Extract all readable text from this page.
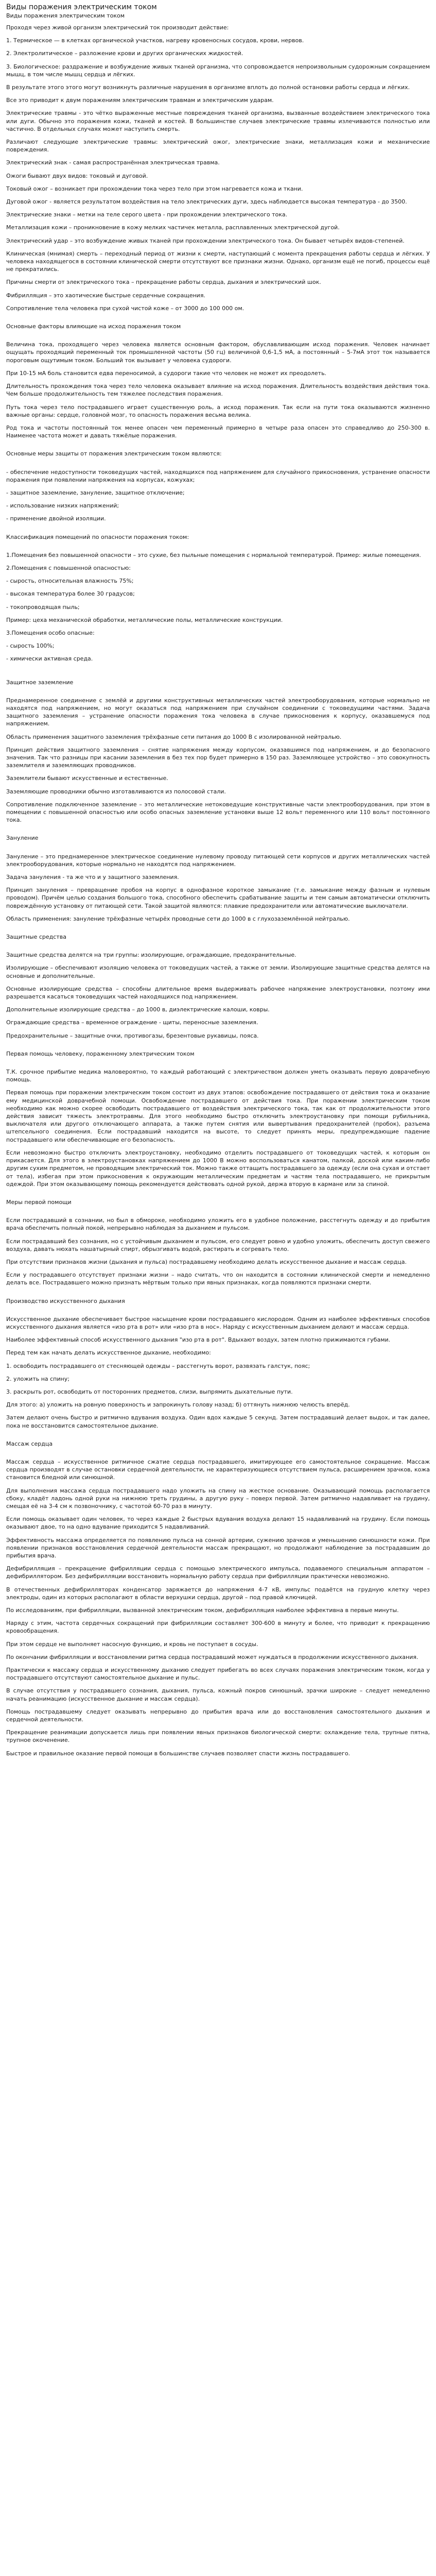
Виды поражения электрическим током
Виды поражения электрическим током

Проходя через живой организм электрический ток производит действие:

1. Термическое — в клетках органической участков, нагреву кровеносных сосудов, крови, нервов.

2. Электролитическое – разложение крови и других органических жидкостей.

3. Биологическое: раздражение и возбуждение живых тканей организма, что сопровождается непроизвольным судорожным сокращением мышц, в том числе мышц сердца и лёгких.

В результате этого этого могут возникнуть различные нарушения в организме вплоть до полной остановки работы сердца и лёгких.

Все это приводит к двум поражениям электрическим травмам и электрическим ударам.

Электрические травмы - это чётко выраженные местные повреждения тканей организма, вызванные воздействием электрического тока или дуги. Обычно это поражения кожи, тканей и костей. В большинстве случаев электрические травмы излечиваются полностью или частично. В отдельных случаях может наступить смерть.

Различают следующие электрические травмы: электрический ожог, электрические знаки, металлизация кожи и механические повреждения.

Электрический знак - самая распространённая электрическая травма.

Ожоги бывают двух видов: токовый и дуговой.

Токовый ожог – возникает при прохождении тока через тело при этом нагревается кожа и ткани.

Дуговой ожог - является результатом воздействия на тело электрических дуги, здесь наблюдается высокая температура - до 3500.

Электрические знаки – метки на теле серого цвета - при прохождении электрического тока.

Металлизация кожи – проникновение в кожу мелких частичек металла, расплавленных электрической дугой.

Электрический удар – это возбуждение живых тканей при прохождении электрического тока. Он бывает четырёх видов-степеней.

Клиническая (мнимая) смерть – переходный период от жизни к смерти, наступающий с момента прекращения работы сердца и лёгких. У человека находящегося в состоянии клинической смерти отсутствуют все признаки жизни. Однако, организм ещё не погиб, процессы ещё не прекратились.

Причины смерти от электрического тока – прекращение работы сердца, дыхания и электрический шок.

Фибрилляция – это хаотические быстрые сердечные сокращения.

Сопротивление тела человека при сухой чистой коже – от 3000 до 100 000 ом.

Основные факторы влияющие на исход поражения током

Величина тока, проходящего через человека является основным фактором, обуславливающим исход поражения. Человек начинает ощущать проходящий переменный ток промышленной частоты (50 гц) величиной 0,6-1,5 мА, а постоянный – 5-7мА этот ток называется пороговым ощутимым током. Больший ток вызывает у человека судороги.

При 10-15 мА боль становится едва переносимой, а судороги такие что человек не может их преодолеть.

Длительность прохождения тока через тело человека оказывает влияние на исход поражения. Длительность воздействия действия тока. Чем больше продолжительность тем тяжелее последствия поражения.

Путь тока через тело пострадавшего играет существенную роль, а исход поражения. Так если на пути тока оказываются жизненно важные органы: сердце, головной мозг, то опасность поражения весьма велика.

Род тока и частоты постоянный ток менее опасен чем переменный примерно в четыре раза опасен это справедливо до 250-300 в. Наименее частота может и давать тяжёлые поражения.

Основные меры защиты от поражения электрическим током являются:

- обеспечение недоступности токоведущих частей, находящихся под напряжением для случайного прикосновения, устранение опасности поражения при появлении напряжения на корпусах, кожухах;

- защитное заземление, зануление, защитное отключение;

- использование низких напряжений;

- применение двойной изоляции.

Классификация помещений по опасности поражения током:

1.Помещения без повышенной опасности – это сухие, без пыльные помещения с нормальной температурой. Пример: жилые помещения.

2.Помещения с повышенной опасностью:

- сырость, относительная влажность 75%;

- высокая температура более 30 градусов;

- токопроводящая пыль;

Пример: цеха механической обработки, металлические полы, металлические конструкции.

3.Помещения особо опасные:

- сырость 100%;

- химически активная среда.

Защитное заземление

Преднамеренное соединение с землёй и другими конструктивных металлических частей электрооборудования, которые нормально не находятся под напряжением, но могут оказаться под напряжением при случайном соединении с токоведущими частями. Задача защитного заземления – устранение опасности поражения тока человека в случае прикосновения к корпусу, оказавшемуся под напряжением.

Область применения защитного заземления трёхфазные сети питания до 1000 В с изолированной нейтралью.

Принцип действия защитного заземления – снятие напряжения между корпусом, оказавшимся под напряжением, и до безопасного значения. Так что разницы при касании заземления в без тех пор будет примерно в 150 раз. Заземляющее устройство – это совокупность заземлителя и заземляющих проводников.

Заземлители бывают искусственные и естественные.

Заземляющие проводники обычно изготавливаются из полосовой стали.

Сопротивление подключенное заземление – это металлические нетоковедущие конструктивные части электрооборудования, при этом в помещении с повышенной опасностью или особо опасных заземление установки выше 12 вольт переменного или 110 вольт постоянного тока.

Зануление

Зануление – это преднамеренное электрическое соединение нулевому проводу питающей сети корпусов и других металлических частей электрооборудования, которые нормально не находятся под напряжением.

Задача зануления - та же что и у защитного заземления.

Принцип зануления – превращение пробоя на корпус в однофазное короткое замыкание (т.е. замыкание между фазным и нулевым проводом). Причём целью создания большого тока, способного обеспечить срабатывание защиты и тем самым автоматически отключить повреждённую установку от питающей сети. Такой защитой являются: плавкие предохранители или автоматические выключатели.

Область применения: зануление трёхфазные четырёх проводные сети до 1000 в с глухозаземлённой нейтралью.

Защитные средства

Защитные средства делятся на три группы: изолирующие, ограждающие, предохранительные.

Изолирующие – обеспечивают изоляцию человека от токоведущих частей, а также от земли. Изолирующие защитные средства делятся на основные и дополнительные.

Основные изолирующие средства – способны длительное время выдерживать рабочее напряжение электроустановки, поэтому ими разрешается касаться токоведущих частей находящихся под напряжением.

Дополнительные изолирующие средства – до 1000 в, диэлектрические калоши, ковры.

Ограждающие средства – временное ограждение - щиты, переносные заземления.

Предохранительные – защитные очки, противогазы, брезентовые рукавицы, пояса.

Первая помощь человеку, пораженному электрическим током

Т.К. срочное прибытие медика маловероятно, то каждый работающий с электричеством должен уметь оказывать первую доврачебную помощь.

Первая помощь при поражении электрическим током состоит из двух этапов: освобождение пострадавшего от действия тока и оказание ему медицинской доврачебной помощи. Освобождение пострадавшего от действия тока. При поражении электрическим током необходимо как можно скорее освободить пострадавшего от воздействия электрического тока, так как от продолжительности этого действия зависит тяжесть электротравмы. Для этого необходимо быстро отключить электроустановку при помощи рубильника, выключателя или другого отключающего аппарата, а также путем снятия или вывертывания предохранителей (пробок), разъема штепсельного соединения. Если пострадавший находится на высоте, то следует принять меры, предупреждающие падение пострадавшего или обеспечивающие его безопасность.

Если невозможно быстро отключить электроустановку, необходимо отделить пострадавшего от токоведущих частей, к которым он прикасается. Для этого в электроустановках напряжением до 1000 В можно воспользоваться канатом, палкой, доской или каким-либо другим сухим предметом, не проводящим электрический ток. Можно также оттащить пострадавшего за одежду (если она сухая и отстает от тела), избегая при этом прикосновения к окружающим металлическим предметам и частям тела пострадавшего, не прикрытым одеждой. При этом оказывающему помощь рекомендуется действовать одной рукой, держа вторую в кармане или за спиной.

Меры первой помощи

Если пострадавший в сознании, но был в обмороке, необходимо уложить его в удобное положение, расстегнуть одежду и до прибытия врача обеспечить полный покой, непрерывно наблюдая за дыханием и пульсом.

Если пострадавший без сознания, но с устойчивым дыханием и пульсом, его следует ровно и удобно уложить, обеспечить доступ свежего воздуха, давать нюхать нашатырный спирт, обрызгивать водой, растирать и согревать тело.

При отсутствии признаков жизни (дыхания и пульса) пострадавшему необходимо делать искусственное дыхание и массаж сердца.

Если у пострадавшего отсутствует признаки жизни – надо считать, что он находится в состоянии клинической смерти и немедленно делать все. Пострадавшего можно признать мёртвым только при явных признаках, когда появляются признаки смерти.

Производство искусственного дыхания

Искусственное дыхание обеспечивает быстрое насыщение крови пострадавшего кислородом. Одним из наиболее эффективных способов искусственного дыхания является «изо рта в рот» или «изо рта в нос». Наряду с искусственным дыханием делают и массаж сердца.

Наиболее эффективный способ искусственного дыхания "изо рта в рот". Вдыхают воздух, затем плотно прижимаются губами.

Перед тем как начать делать искусственное дыхание, необходимо:

1. освободить пострадавшего от стесняющей одежды – расстегнуть ворот, развязать галстук, пояс;

2. уложить на спину;

3. раскрыть рот, освободить от посторонних предметов, слизи, выпрямить дыхательные пути.

Для этого: а) уложить на ровную поверхность и запрокинуть голову назад; б) оттянуть нижнюю челюсть вперёд.

Затем делают очень быстро и ритмично вдувания воздуха. Один вдох каждые 5 секунд. Затем пострадавший делает выдох, и так далее, пока не восстановится самостоятельное дыхание.

Массаж сердца

Массаж сердца – искусственное ритмичное сжатие сердца пострадавшего, имитирующее его самостоятельное сокращение. Массаж сердца производят в случае остановки сердечной деятельности, не характеризующиеся отсутствием пульса, расширением зрачков, кожа становится бледной или синюшной.

Для выполнения массажа сердца пострадавшего надо уложить на спину на жесткое основание. Оказывающий помощь располагается сбоку, кладёт ладонь одной руки на нижнюю треть грудины, а другую руку – поверх первой. Затем ритмично надавливает на грудину, смещая её на 3-4 см к позвоночнику, с частотой 60-70 раз в минуту.

Если помощь оказывает один человек, то через каждые 2 быстрых вдувания воздуха делают 15 надавливаний на грудину. Если помощь оказывают двое, то на одно вдувание приходится 5 надавливаний.

Эффективность массажа определяется по появлению пульса на сонной артерии, сужению зрачков и уменьшению синюшности кожи. При появлении признаков восстановления сердечной деятельности массаж прекращают, но продолжают наблюдение за пострадавшим до прибытия врача.

Дефибрилляция – прекращение фибрилляции сердца с помощью электрического импульса, подаваемого специальным аппаратом – дефибриллятором. Без дефибрилляции восстановить нормальную работу сердца при фибрилляции практически невозможно.

В отечественных дефибрилляторах конденсатор заряжается до напряжения 4-7 кВ, импульс подаётся на грудную клетку через электроды, один из которых располагают в области верхушки сердца, другой – под правой ключицей.

По исследованиям, при фибрилляции, вызванной электрическим током, дефибрилляция наиболее эффективна в первые минуты.

Наряду с этим, частота сердечных сокращений при фибрилляции составляет 300-600 в минуту и более, что приводит к прекращению кровообращения.

При этом сердце не выполняет насосную функцию, и кровь не поступает в сосуды.

По окончании фибрилляции и восстановлении ритма сердца пострадавший может нуждаться в продолжении искусственного дыхания.

Практически к массажу сердца и искусственному дыханию следует прибегать во всех случаях поражения электрическим током, когда у пострадавшего отсутствуют самостоятельное дыхание и пульс.

В случае отсутствия у пострадавшего сознания, дыхания, пульса, кожный покров синюшный, зрачки широкие – следует немедленно начать реанимацию (искусственное дыхание и массаж сердца).

Помощь пострадавшему следует оказывать непрерывно до прибытия врача или до восстановления самостоятельного дыхания и сердечной деятельности.

Прекращение реанимации допускается лишь при появлении явных признаков биологической смерти: охлаждение тела, трупные пятна, трупное окоченение.

Быстрое и правильное оказание первой помощи в большинстве случаев позволяет спасти жизнь пострадавшего.
